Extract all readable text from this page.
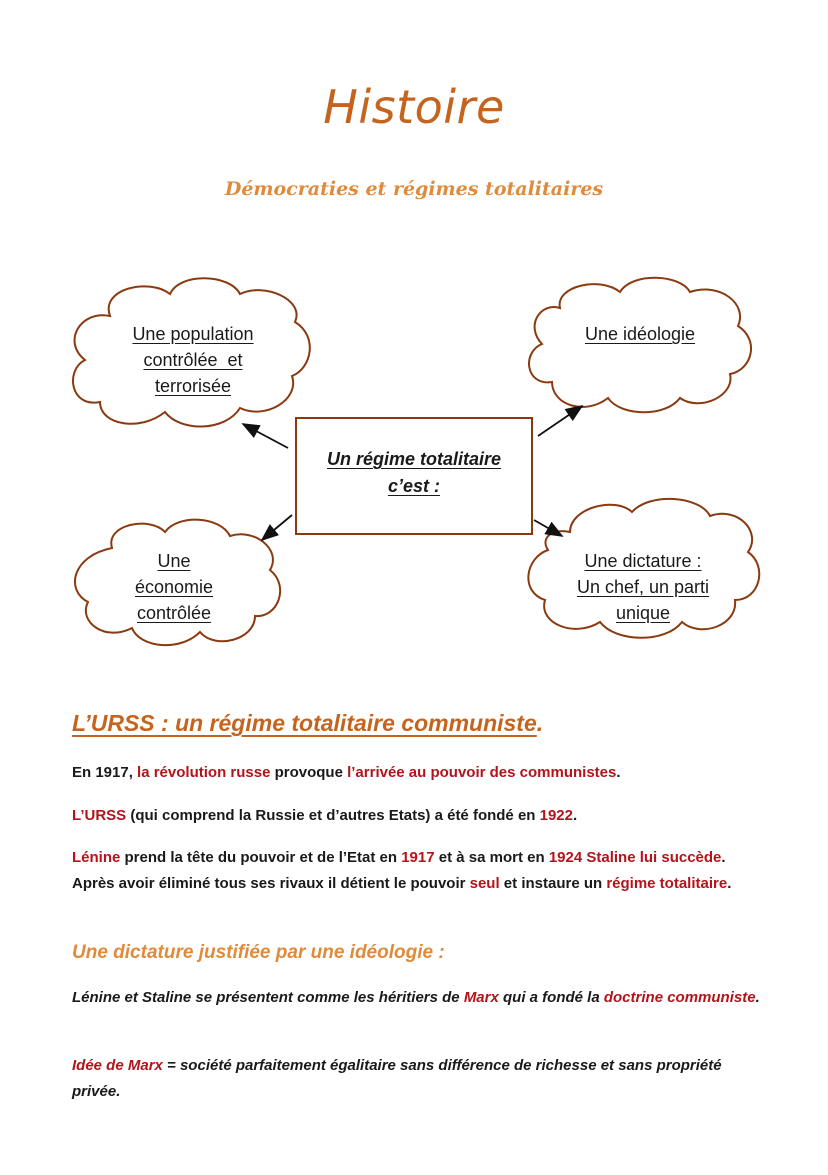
Histoire
Démocraties et régimes totalitaires
Une population
contrôlée  et
terrorisée
Une idéologie
Une
économie
contrôlée
Une dictature :
Un chef, un parti
unique
Un régime totalitaire
c’est :
L’URSS : un régime totalitaire communiste.
En 1917, la révolution russe provoque l’arrivée au pouvoir des communistes.
L’URSS (qui comprend la Russie et d’autres Etats) a été fondé en 1922.
Lénine prend la tête du pouvoir et de l’Etat en 1917 et à sa mort en 1924 Staline lui succède. Après avoir éliminé tous ses rivaux il détient le pouvoir seul et instaure un régime totalitaire.
Une dictature justifiée par une idéologie :
Lénine et Staline se présentent comme les héritiers de Marx qui a fondé la doctrine communiste.
Idée de Marx = société parfaitement égalitaire sans différence de richesse et sans propriété privée.
